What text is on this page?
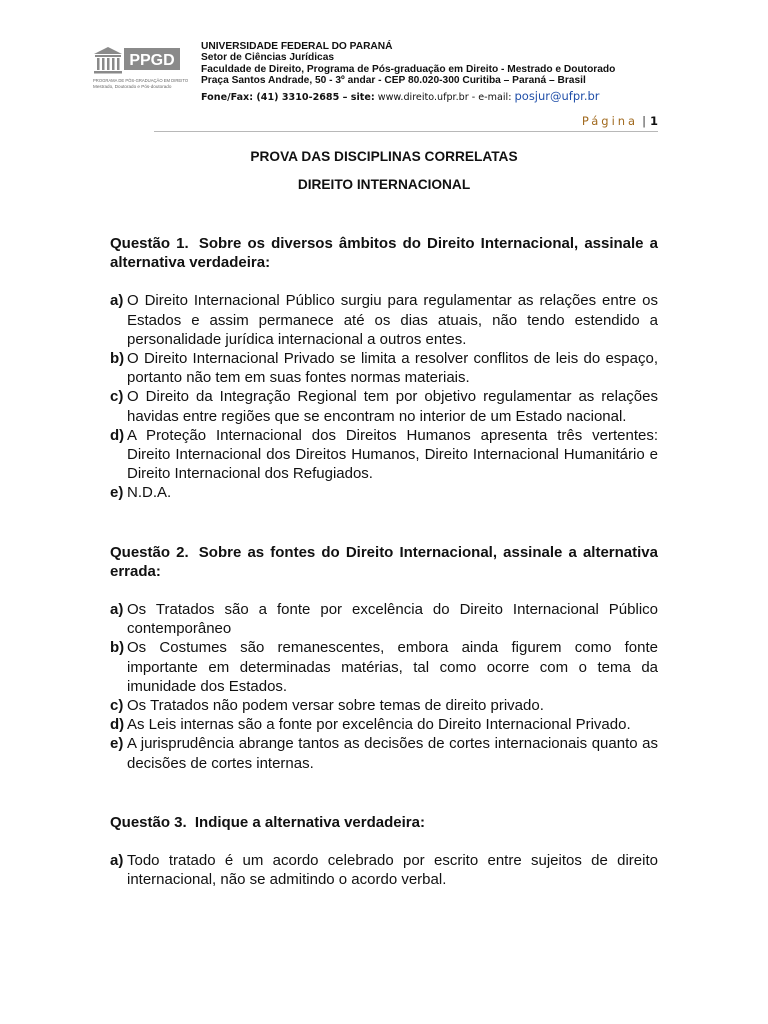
PPGD
PROGRAMA DE PÓS-GRADUAÇÃO EM DIREITO
Mestrado, Doutorado e Pós-doutorado
UNIVERSIDADE FEDERAL DO PARANÁ
Setor de Ciências Jurídicas
Faculdade de Direito, Programa de Pós-graduação em Direito - Mestrado e Doutorado
Praça Santos Andrade, 50 - 3º andar - CEP 80.020-300 Curitiba – Paraná – Brasil
Fone/Fax: (41) 3310-2685 – site: www.direito.ufpr.br - e-mail: posjur@ufpr.br
Página | 1
PROVA DAS DISCIPLINAS CORRELATAS
DIREITO INTERNACIONAL
Questão 1. Sobre os diversos âmbitos do Direito Internacional, assinale a alternativa verdadeira:
a) O Direito Internacional Público surgiu para regulamentar as relações entre os Estados e assim permanece até os dias atuais, não tendo estendido a personalidade jurídica internacional a outros entes.
b) O Direito Internacional Privado se limita a resolver conflitos de leis do espaço, portanto não tem em suas fontes normas materiais.
c) O Direito da Integração Regional tem por objetivo regulamentar as relações havidas entre regiões que se encontram no interior de um Estado nacional.
d) A Proteção Internacional dos Direitos Humanos apresenta três vertentes: Direito Internacional dos Direitos Humanos, Direito Internacional Humanitário e Direito Internacional dos Refugiados.
e) N.D.A.
Questão 2. Sobre as fontes do Direito Internacional, assinale a alternativa errada:
a) Os Tratados são a fonte por excelência do Direito Internacional Público contemporâneo
b) Os Costumes são remanescentes, embora ainda figurem como fonte importante em determinadas matérias, tal como ocorre com o tema da imunidade dos Estados.
c) Os Tratados não podem versar sobre temas de direito privado.
d) As Leis internas são a fonte por excelência do Direito Internacional Privado.
e) A jurisprudência abrange tantos as decisões de cortes internacionais quanto as decisões de cortes internas.
Questão 3. Indique a alternativa verdadeira:
a) Todo tratado é um acordo celebrado por escrito entre sujeitos de direito internacional, não se admitindo o acordo verbal.
